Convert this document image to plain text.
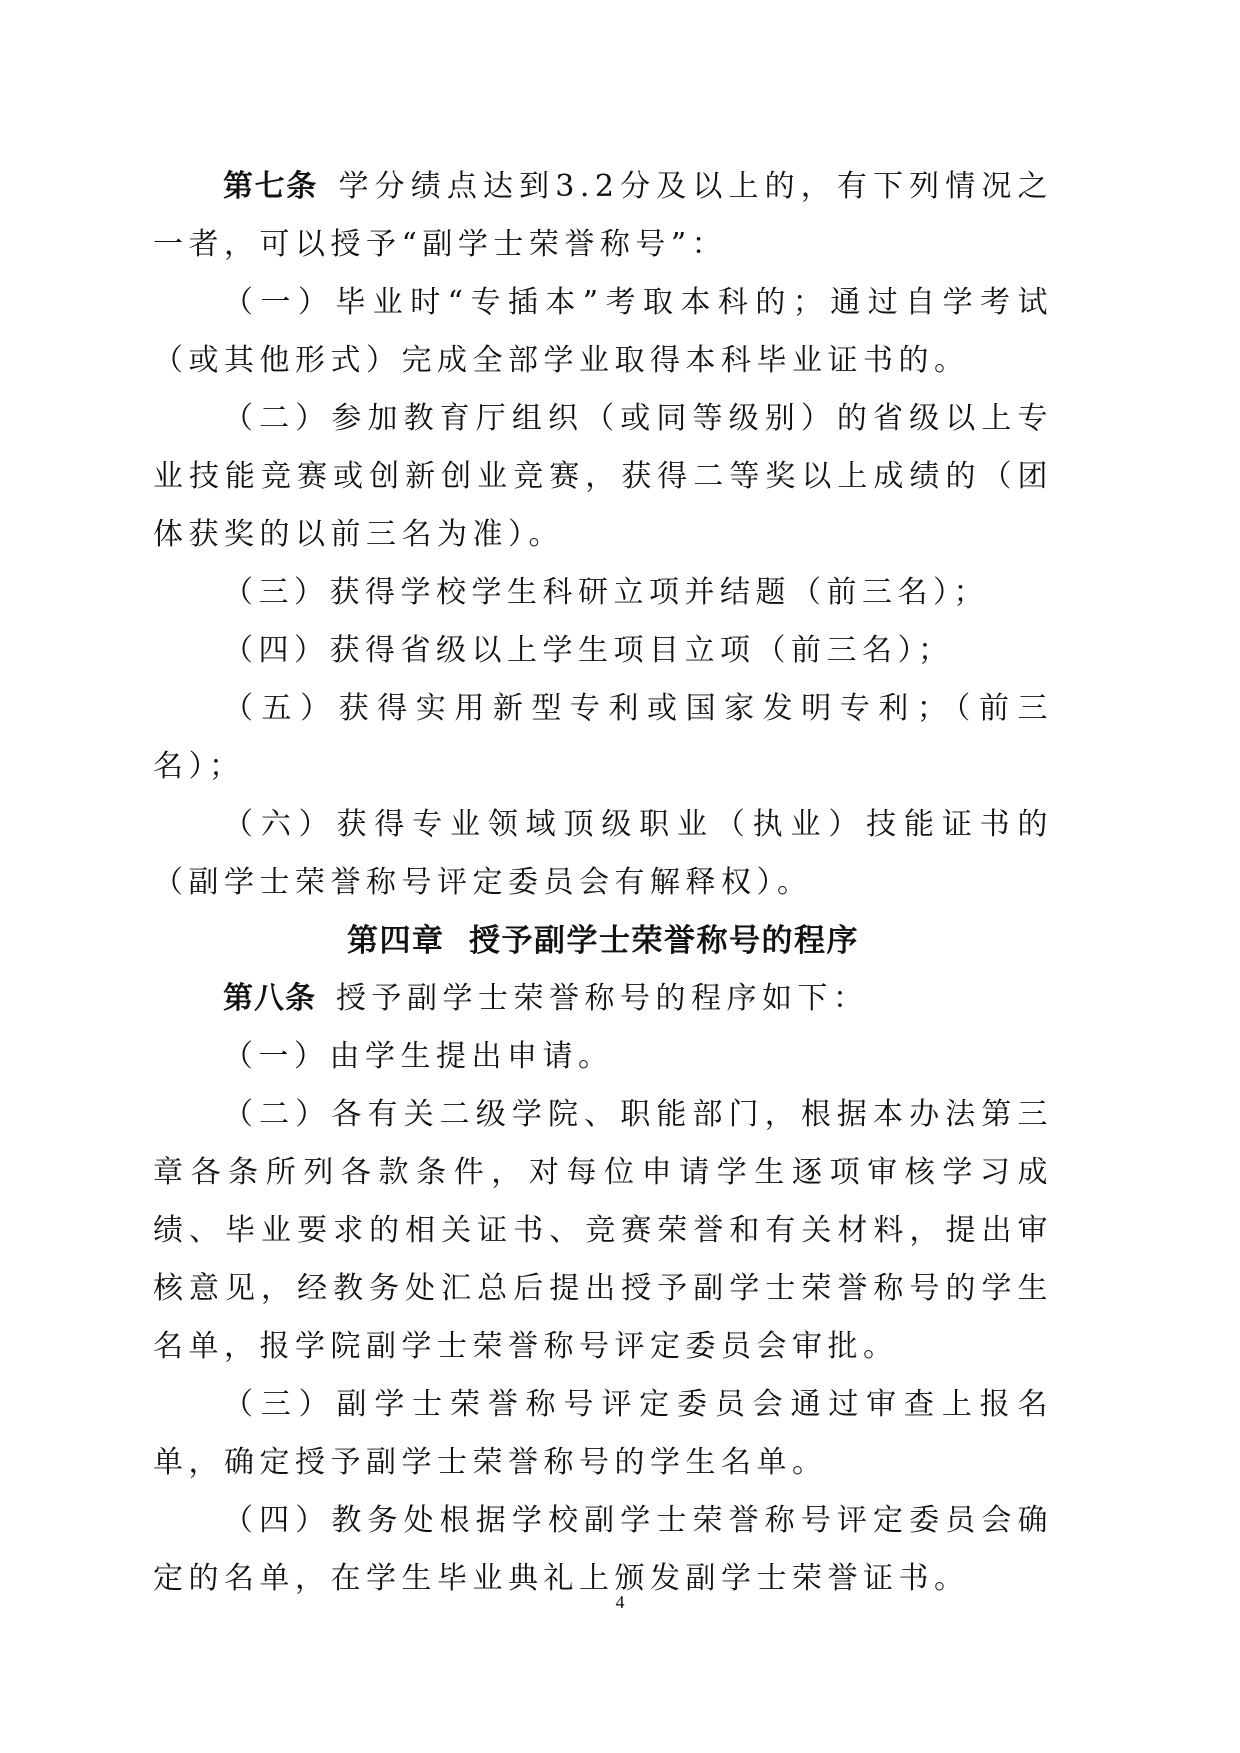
第七条 学分绩点达到3.2分及以上的，有下列情况之一者，可以授予“副学士荣誉称号”：

（一）毕业时“专插本”考取本科的；通过自学考试（或其他形式）完成全部学业取得本科毕业证书的。

（二）参加教育厅组织（或同等级别）的省级以上专业技能竞赛或创新创业竞赛，获得二等奖以上成绩的（团体获奖的以前三名为准）。

（三）获得学校学生科研立项并结题（前三名）；

（四）获得省级以上学生项目立项（前三名）；

（五）获得实用新型专利或国家发明专利；（前三名）；

（六）获得专业领域顶级职业（执业）技能证书的（副学士荣誉称号评定委员会有解释权）。

第四章  授予副学士荣誉称号的程序

第八条 授予副学士荣誉称号的程序如下：

（一）由学生提出申请。

（二）各有关二级学院、职能部门，根据本办法第三章各条所列各款条件，对每位申请学生逐项审核学习成绩、毕业要求的相关证书、竞赛荣誉和有关材料，提出审核意见，经教务处汇总后提出授予副学士荣誉称号的学生名单，报学院副学士荣誉称号评定委员会审批。

（三）副学士荣誉称号评定委员会通过审查上报名单，确定授予副学士荣誉称号的学生名单。

（四）教务处根据学校副学士荣誉称号评定委员会确定的名单，在学生毕业典礼上颁发副学士荣誉证书。

4
